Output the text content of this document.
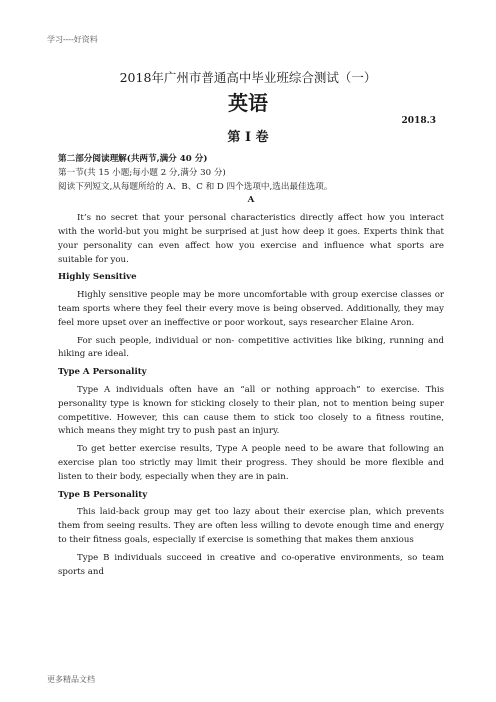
学习----好资料
2018年广州市普通高中毕业班综合测试（一）
英语
2018.3
第 I 卷

第二部分阅读理解(共两节,满分 40 分)

第一节(共 15 小题;每小题 2 分,满分 30 分)

阅读下列短文,从每题所给的 A、B、C 和 D 四个选项中,选出最佳选项。

A

It’s no secret that your personal characteristics directly affect how you interact with the world-but you might be surprised at just how deep it goes. Experts think that your personality can even affect how you exercise and influence what sports are suitable for you.

Highly Sensitive

Highly sensitive people may be more uncomfortable with group exercise classes or team sports where they feel their every move is being observed. Additionally, they may feel more upset over an ineffective or poor workout, says researcher Elaine Aron.

For such people, individual or non- competitive activities like biking, running and hiking are ideal.

Type A Personality

Type A individuals often have an “all or nothing approach” to exercise. This personality type is known for sticking closely to their plan, not to mention being super competitive. However, this can cause them to stick too closely to a fitness routine, which means they might try to push past an injury.

To get better exercise results, Type A people need to be aware that following an exercise plan too strictly may limit their progress. They should be more flexible and listen to their body, especially when they are in pain.

Type B Personality

This laid-back group may get too lazy about their exercise plan, which prevents them from seeing results. They are often less willing to devote enough time and energy to their fitness goals, especially if exercise is something that makes them anxious

Type B individuals succeed in creative and co-operative environments, so team sports and

更多精品文档
